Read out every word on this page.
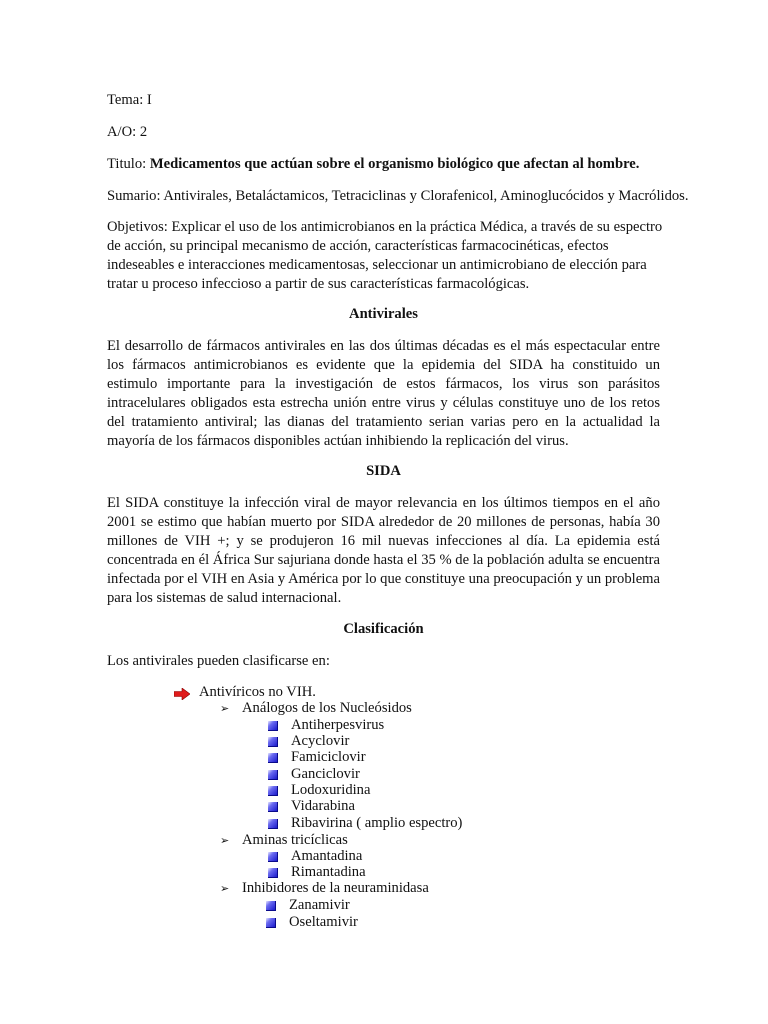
Tema: I
A/O: 2
Titulo: Medicamentos que actúan sobre el organismo biológico que afectan al hombre.
Sumario: Antivirales, Betaláctamicos, Tetraciclinas y Clorafenicol, Aminoglucócidos y Macrólidos.
Objetivos: Explicar el uso de los antimicrobianos en la práctica Médica, a través de su espectro de acción, su principal mecanismo de acción, características farmacocinéticas, efectos indeseables e interacciones medicamentosas, seleccionar un antimicrobiano de elección para tratar u proceso infeccioso a partir de sus características farmacológicas.
Antivirales
El desarrollo de fármacos antivirales en las dos últimas décadas es el más espectacular entre los fármacos antimicrobianos es evidente que la epidemia del SIDA ha constituido un estimulo importante para la investigación de estos fármacos, los virus son parásitos intracelulares obligados esta estrecha unión entre virus y células constituye uno de los retos del tratamiento antiviral; las dianas del tratamiento serian varias pero en la actualidad la mayoría de los fármacos disponibles actúan inhibiendo la replicación del virus.
SIDA
El SIDA constituye la infección viral de mayor relevancia en los últimos tiempos en el año 2001 se estimo que habían muerto por SIDA alrededor de 20 millones de personas, había 30 millones de VIH +; y se produjeron 16 mil nuevas infecciones al día. La epidemia está concentrada en él África Sur sajuriana donde hasta el 35 % de la población adulta se encuentra infectada por el VIH en Asia y América por lo que constituye una preocupación y un problema para los sistemas de salud internacional.
Clasificación
Los antivirales pueden clasificarse en:
Antivíricos no VIH.
➢ Análogos de los Nucleósidos
Antiherpesvirus
Acyclovir
Famiciclovir
Ganciclovir
Lodoxuridina
Vidarabina
Ribavirina ( amplio espectro)
➢ Aminas tricíclicas
Amantadina
Rimantadina
➢ Inhibidores de la neuraminidasa
Zanamivir
Oseltamivir
